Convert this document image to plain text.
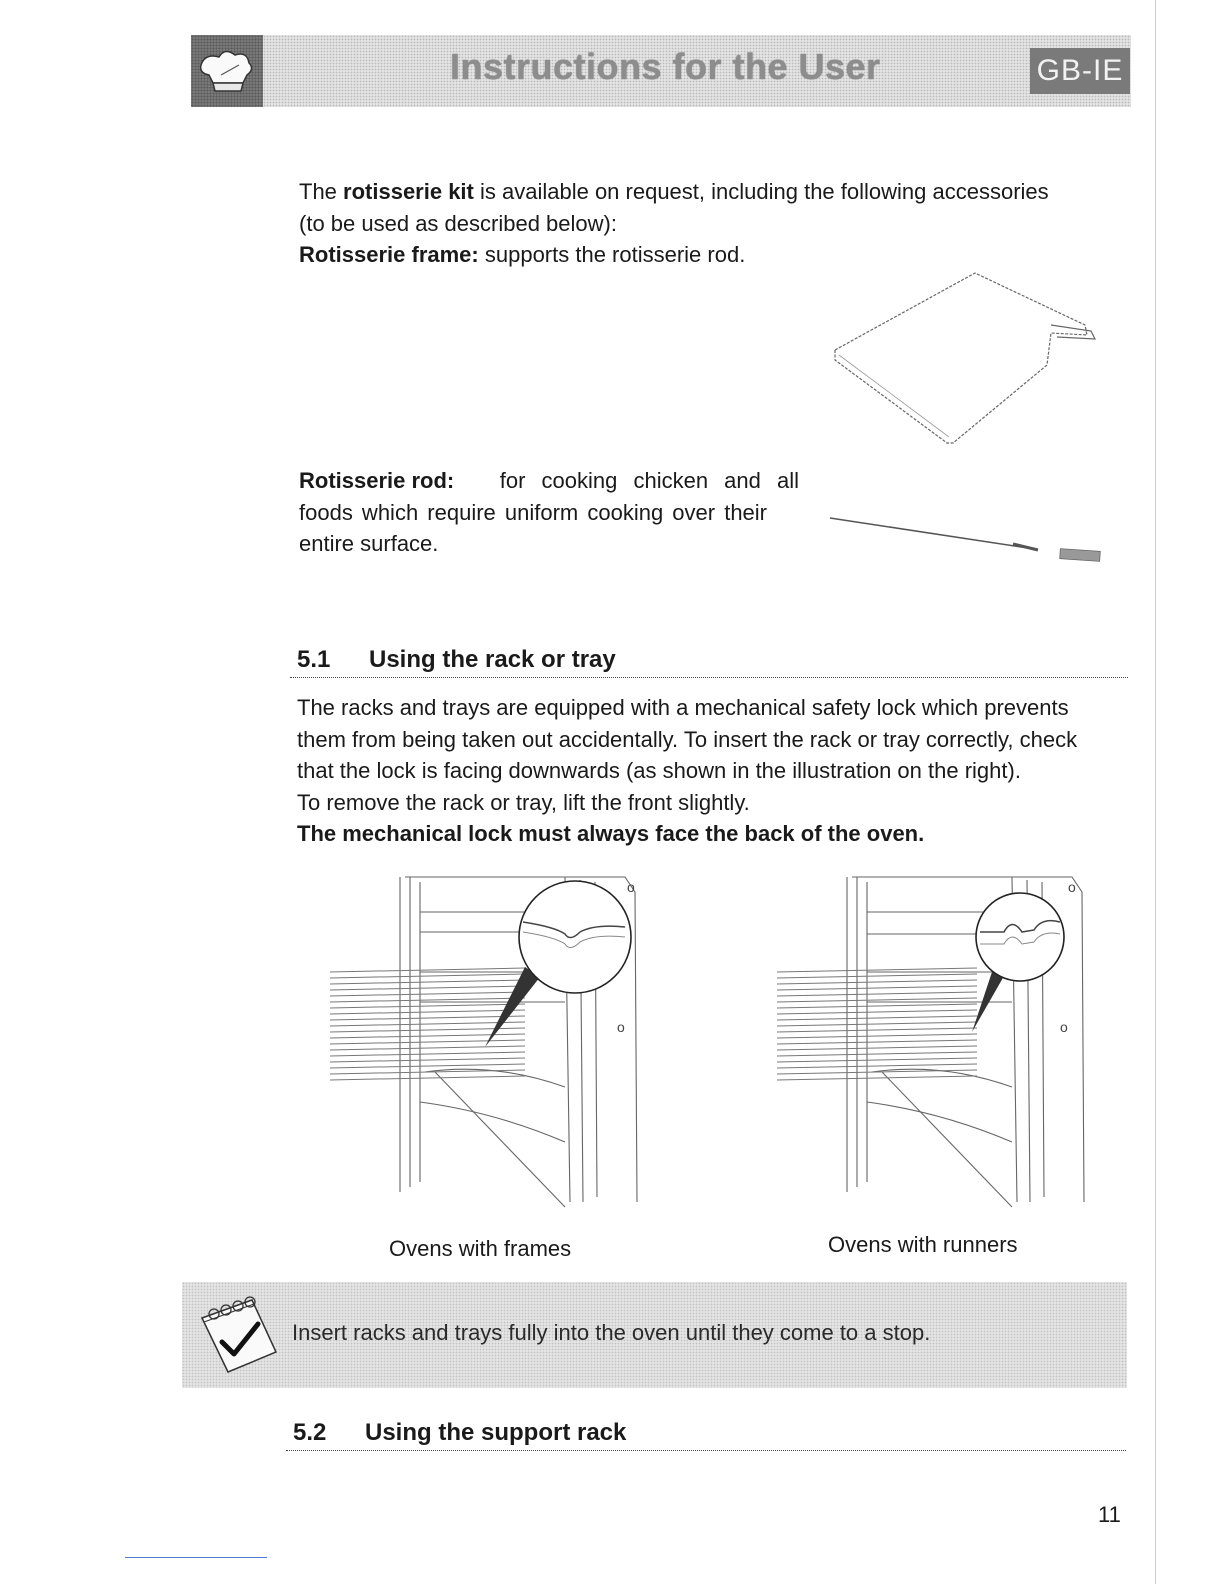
Instructions for the User	GB-IE
The rotisserie kit is available on request, including the following accessories
(to be used as described below):
Rotisserie frame: supports the rotisserie rod.
Rotisserie rod: for cooking chicken and all
foods which require uniform cooking over their
entire surface.
5.1 Using the rack or tray
The racks and trays are equipped with a mechanical safety lock which prevents
them from being taken out accidentally. To insert the rack or tray correctly, check
that the lock is facing downwards (as shown in the illustration on the right).
To remove the rack or tray, lift the front slightly.
The mechanical lock must always face the back of the oven.
o
o
Ovens with frames
o
o
Ovens with runners
Insert racks and trays fully into the oven until they come to a stop.
5.2 Using the support rack
11
